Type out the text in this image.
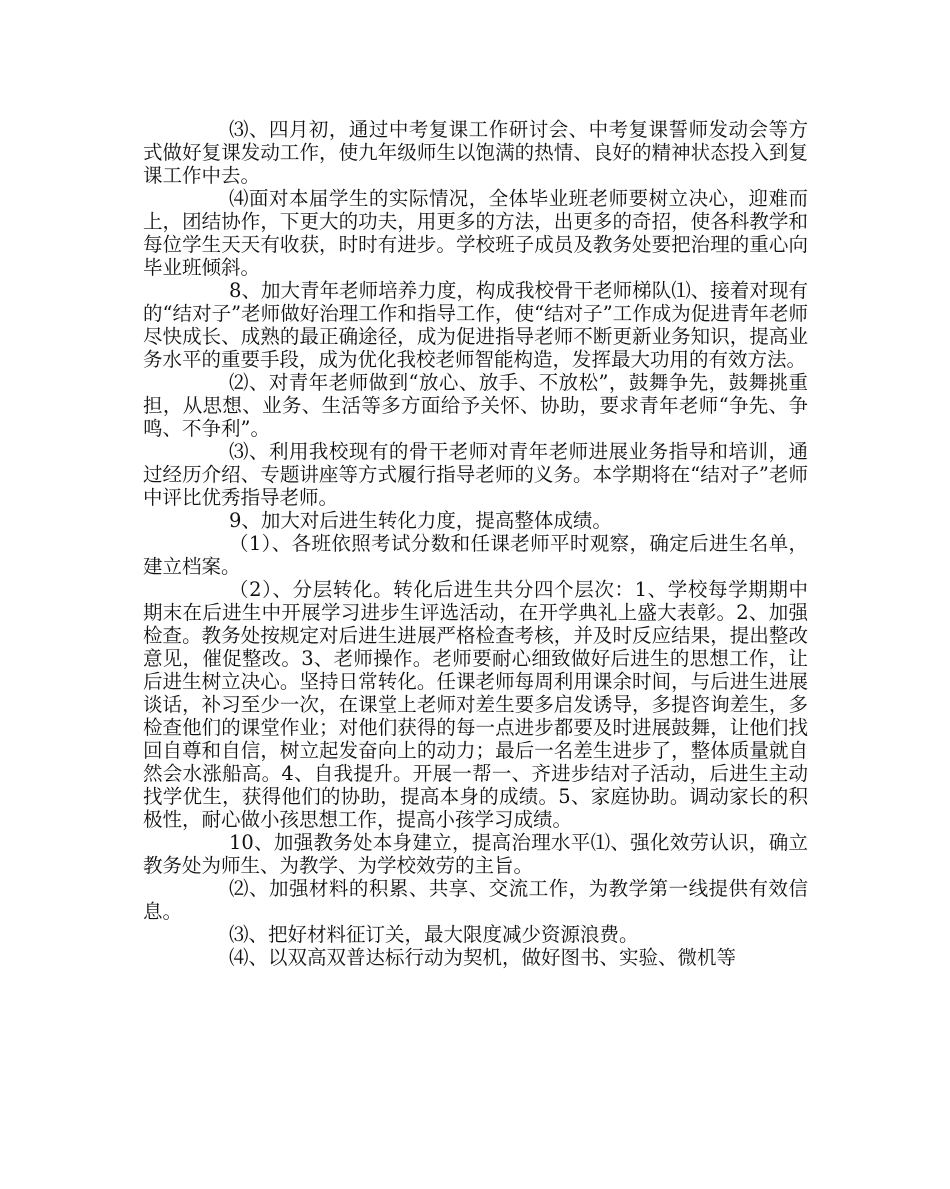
⑶、四月初，通过中考复课工作研讨会、中考复课誓师发动会等方式做好复课发动工作，使九年级师生以饱满的热情、良好的精神状态投入到复课工作中去。

⑷面对本届学生的实际情况，全体毕业班老师要树立决心，迎难而上，团结协作，下更大的功夫，用更多的方法，出更多的奇招，使各科教学和每位学生天天有收获，时时有进步。学校班子成员及教务处要把治理的重心向毕业班倾斜。

8、加大青年老师培养力度，构成我校骨干老师梯队⑴、接着对现有的“结对子”老师做好治理工作和指导工作，使“结对子”工作成为促进青年老师尽快成长、成熟的最正确途径，成为促进指导老师不断更新业务知识，提高业务水平的重要手段，成为优化我校老师智能构造，发挥最大功用的有效方法。

⑵、对青年老师做到“放心、放手、不放松”，鼓舞争先，鼓舞挑重担，从思想、业务、生活等多方面给予关怀、协助，要求青年老师“争先、争鸣、不争利”。

⑶、利用我校现有的骨干老师对青年老师进展业务指导和培训，通过经历介绍、专题讲座等方式履行指导老师的义务。本学期将在“结对子”老师中评比优秀指导老师。

9、加大对后进生转化力度，提高整体成绩。

（1）、各班依照考试分数和任课老师平时观察，确定后进生名单，建立档案。

（2）、分层转化。转化后进生共分四个层次：1、学校每学期期中期末在后进生中开展学习进步生评选活动，在开学典礼上盛大表彰。2、加强检查。教务处按规定对后进生进展严格检查考核，并及时反应结果，提出整改意见，催促整改。3、老师操作。老师要耐心细致做好后进生的思想工作，让后进生树立决心。坚持日常转化。任课老师每周利用课余时间，与后进生进展谈话，补习至少一次，在课堂上老师对差生要多启发诱导，多提咨询差生，多检查他们的课堂作业；对他们获得的每一点进步都要及时进展鼓舞，让他们找回自尊和自信，树立起发奋向上的动力；最后一名差生进步了，整体质量就自然会水涨船高。4、自我提升。开展一帮一、齐进步结对子活动，后进生主动找学优生，获得他们的协助，提高本身的成绩。5、家庭协助。调动家长的积极性，耐心做小孩思想工作，提高小孩学习成绩。

10、加强教务处本身建立，提高治理水平⑴、强化效劳认识，确立教务处为师生、为教学、为学校效劳的主旨。

⑵、加强材料的积累、共享、交流工作，为教学第一线提供有效信息。

⑶、把好材料征订关，最大限度减少资源浪费。

⑷、以双高双普达标行动为契机，做好图书、实验、微机等
